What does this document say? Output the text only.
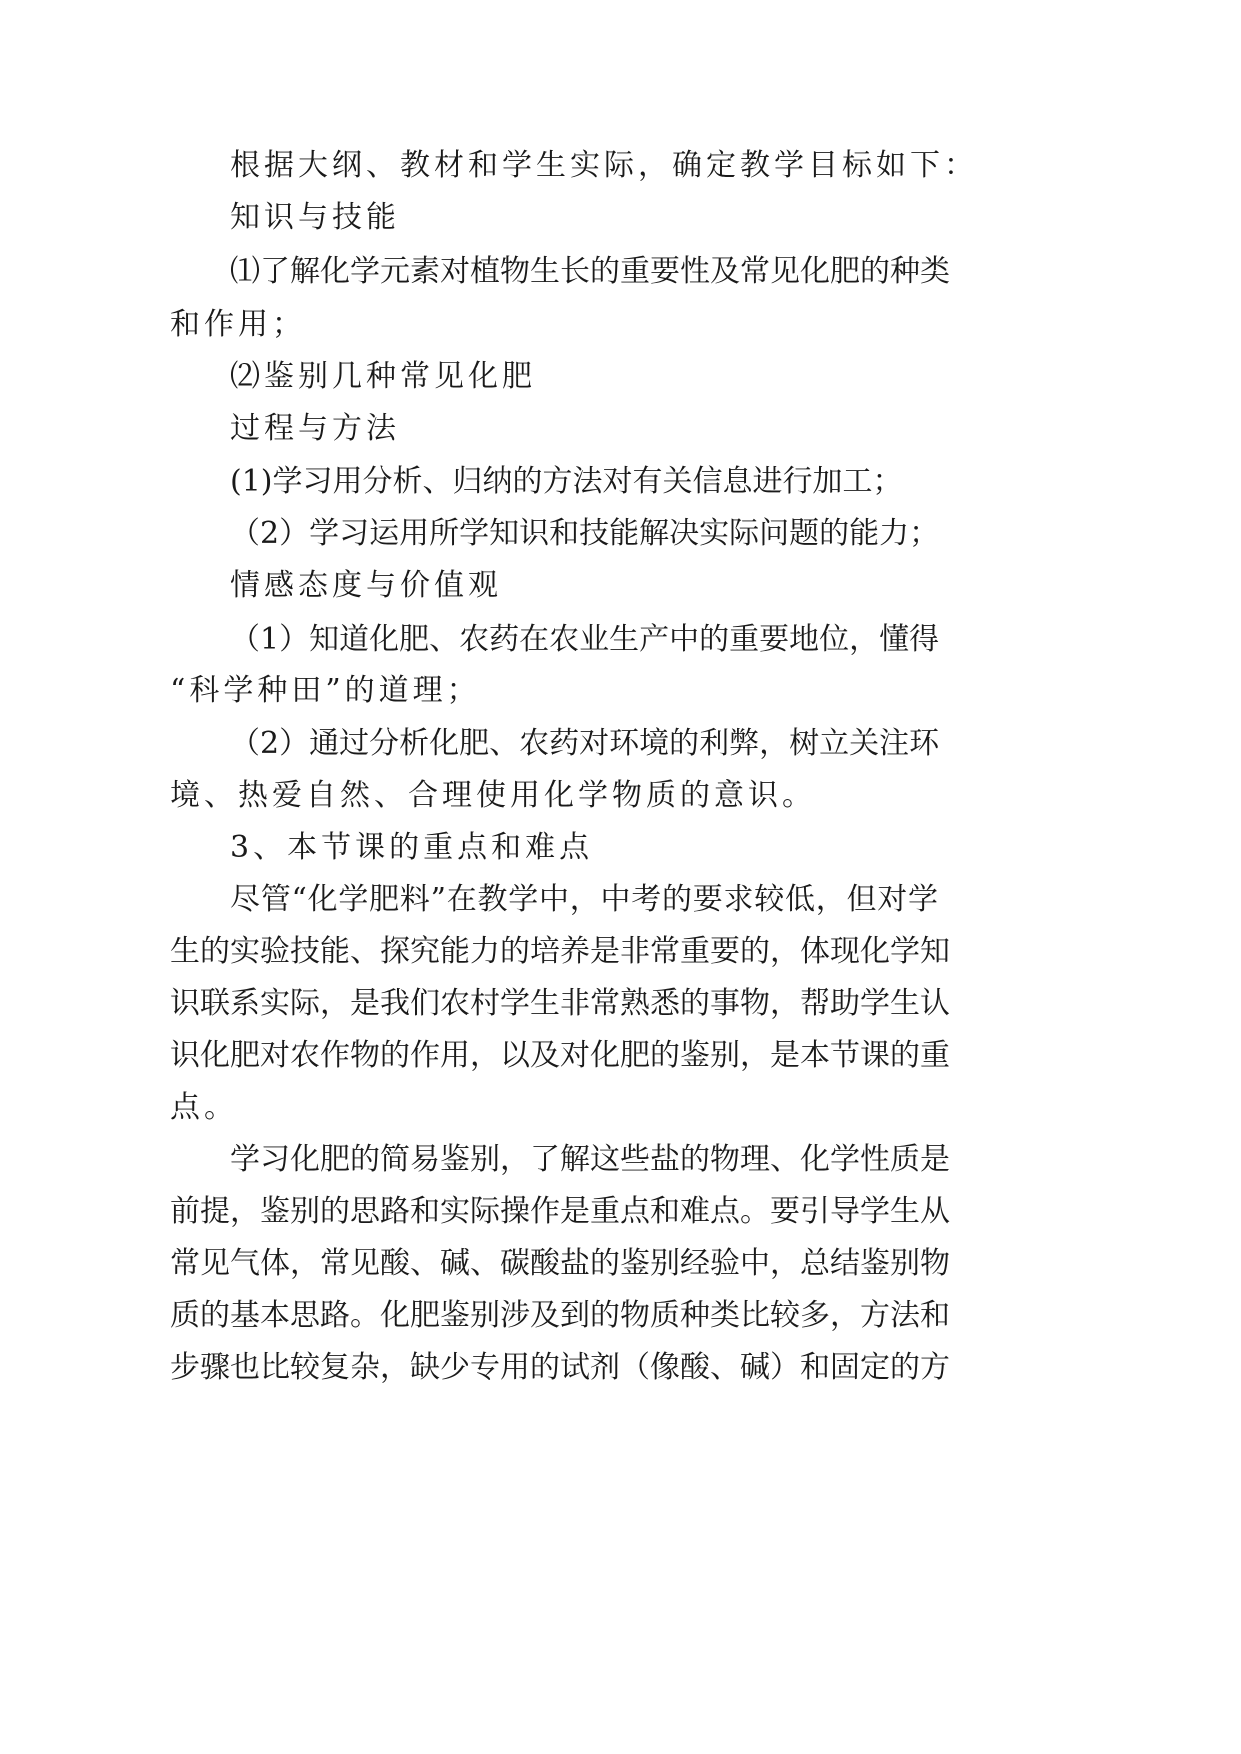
根据大纲、教材和学生实际，确定教学目标如下：

知识与技能

⑴了解化学元素对植物生长的重要性及常见化肥的种类

和作用；

⑵鉴别几种常见化肥

过程与方法

(1)学习用分析、归纳的方法对有关信息进行加工；

（2）学习运用所学知识和技能解决实际问题的能力；

情感态度与价值观

（1）知道化肥、农药在农业生产中的重要地位，懂得

“科学种田”的道理；

（2）通过分析化肥、农药对环境的利弊，树立关注环

境、热爱自然、合理使用化学物质的意识。

3、本节课的重点和难点

尽管“化学肥料”在教学中，中考的要求较低，但对学

生的实验技能、探究能力的培养是非常重要的，体现化学知

识联系实际，是我们农村学生非常熟悉的事物，帮助学生认

识化肥对农作物的作用，以及对化肥的鉴别，是本节课的重

点。

学习化肥的简易鉴别，了解这些盐的物理、化学性质是

前提，鉴别的思路和实际操作是重点和难点。要引导学生从

常见气体，常见酸、碱、碳酸盐的鉴别经验中，总结鉴别物

质的基本思路。化肥鉴别涉及到的物质种类比较多，方法和

步骤也比较复杂，缺少专用的试剂（像酸、碱）和固定的方
